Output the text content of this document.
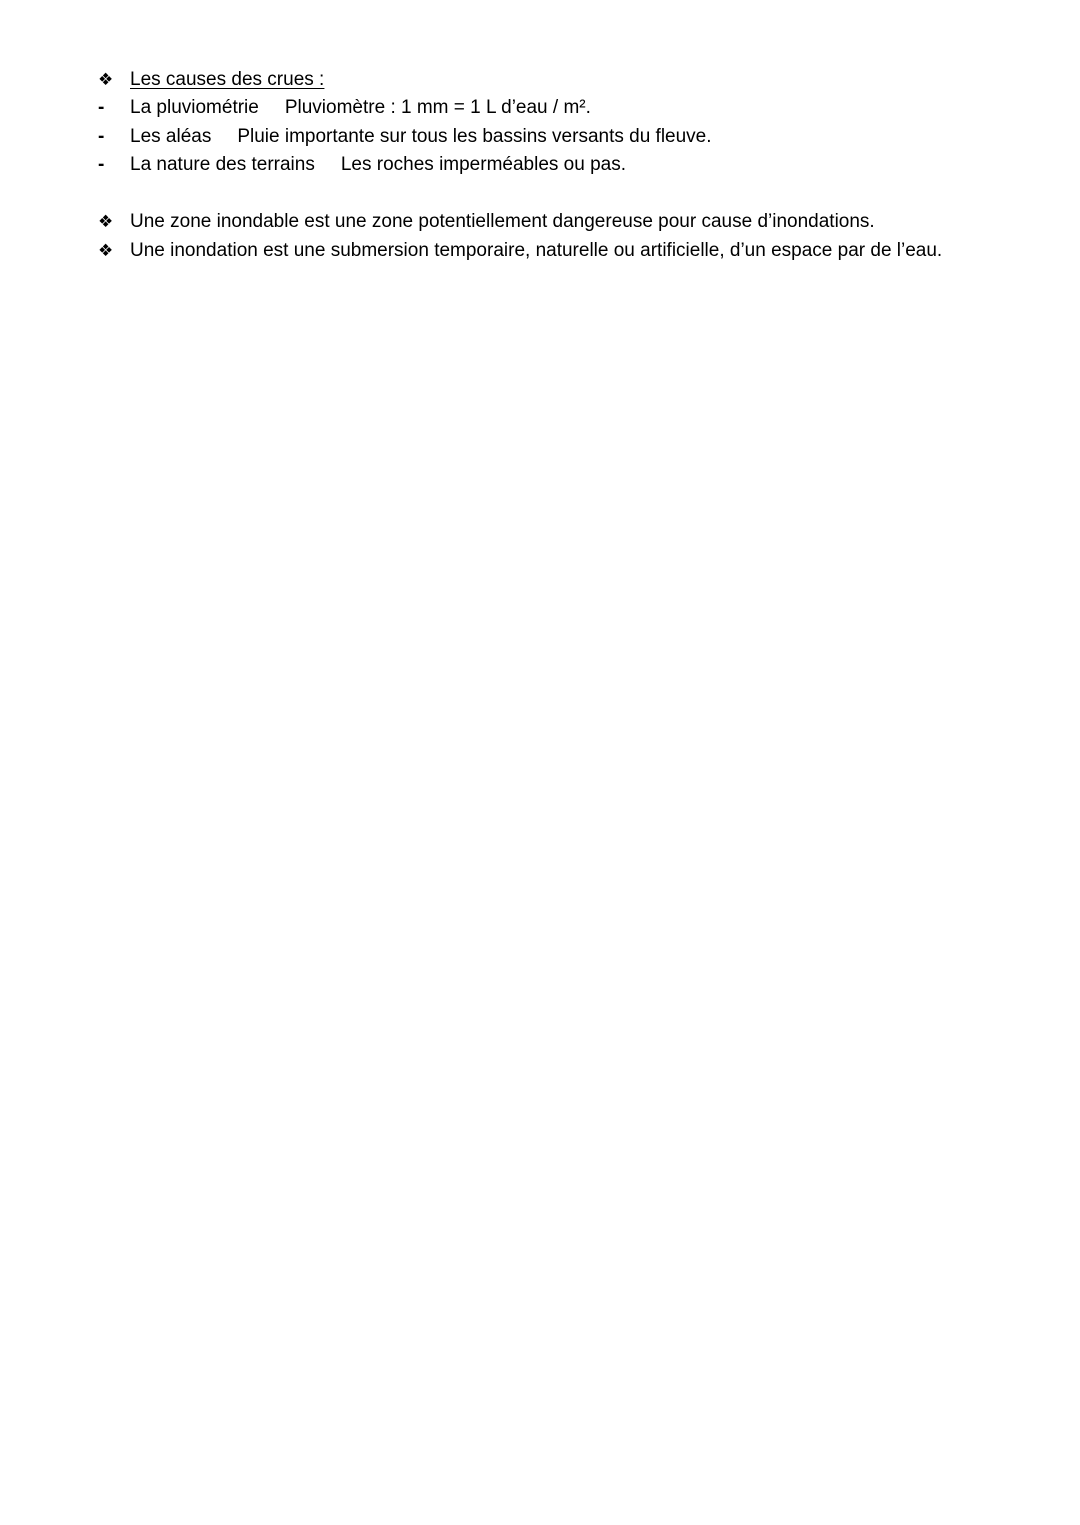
❖ Les causes des crues :
- La pluviométrie Pluviomètre : 1 mm = 1 L d’eau / m².
- Les aléas Pluie importante sur tous les bassins versants du fleuve.
- La nature des terrains Les roches imperméables ou pas.
❖ Une zone inondable est une zone potentiellement dangereuse pour cause d’inondations.
❖ Une inondation est une submersion temporaire, naturelle ou artificielle, d’un espace par de l’eau.
